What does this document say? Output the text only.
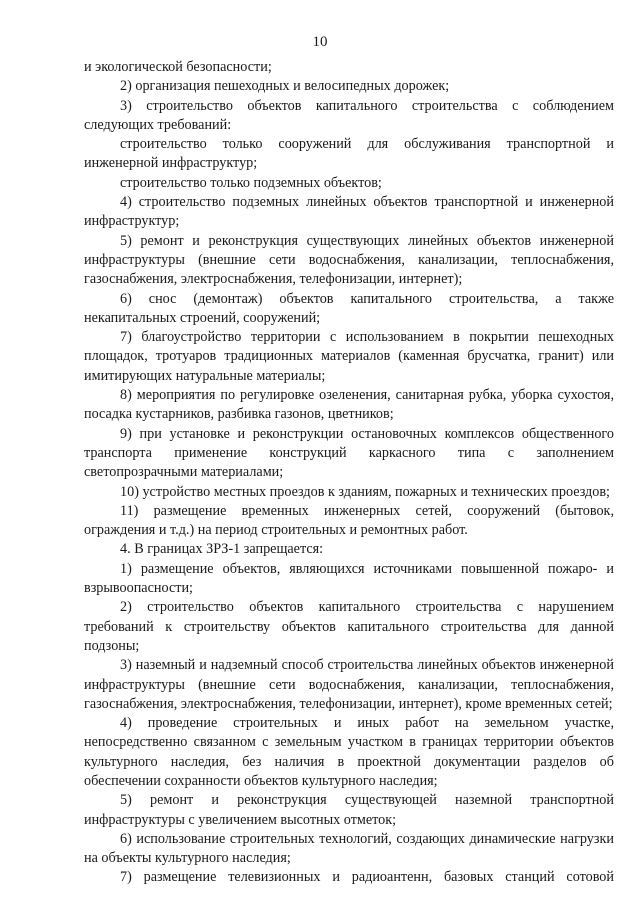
10

и экологической безопасности;

2) организация пешеходных и велосипедных дорожек;

3) строительство объектов капитального строительства с соблюдением следующих требований:

строительство только сооружений для обслуживания транспортной и инженерной инфраструктур;

строительство только подземных объектов;

4) строительство подземных линейных объектов транспортной и инженерной инфраструктур;

5) ремонт и реконструкция существующих линейных объектов инженерной инфраструктуры (внешние сети водоснабжения, канализации, теплоснабжения, газоснабжения, электроснабжения, телефонизации, интернет);

6) снос (демонтаж) объектов капитального строительства, а также некапитальных строений, сооружений;

7) благоустройство территории с использованием в покрытии пешеходных площадок, тротуаров традиционных материалов (каменная брусчатка, гранит) или имитирующих натуральные материалы;

8) мероприятия по регулировке озеленения, санитарная рубка, уборка сухостоя, посадка кустарников, разбивка газонов, цветников;

9) при установке и реконструкции остановочных комплексов общественного транспорта применение конструкций каркасного типа с заполнением светопрозрачными материалами;

10) устройство местных проездов к зданиям, пожарных и технических проездов;

11) размещение временных инженерных сетей, сооружений (бытовок, ограждения и т.д.) на период строительных и ремонтных работ.

4. В границах ЗРЗ-1 запрещается:

1) размещение объектов, являющихся источниками повышенной пожаро- и взрывоопасности;

2) строительство объектов капитального строительства с нарушением требований к строительству объектов капитального строительства для данной подзоны;

3) наземный и надземный способ строительства линейных объектов инженерной инфраструктуры (внешние сети водоснабжения, канализации, теплоснабжения, газоснабжения, электроснабжения, телефонизации, интернет), кроме временных сетей;

4) проведение строительных и иных работ на земельном участке, непосредственно связанном с земельным участком в границах территории объектов культурного наследия, без наличия в проектной документации разделов об обеспечении сохранности объектов культурного наследия;

5) ремонт и реконструкция существующей наземной транспортной инфраструктуры с увеличением высотных отметок;

6) использование строительных технологий, создающих динамические нагрузки на объекты культурного наследия;

7) размещение телевизионных и радиоантенн, базовых станций сотовой
